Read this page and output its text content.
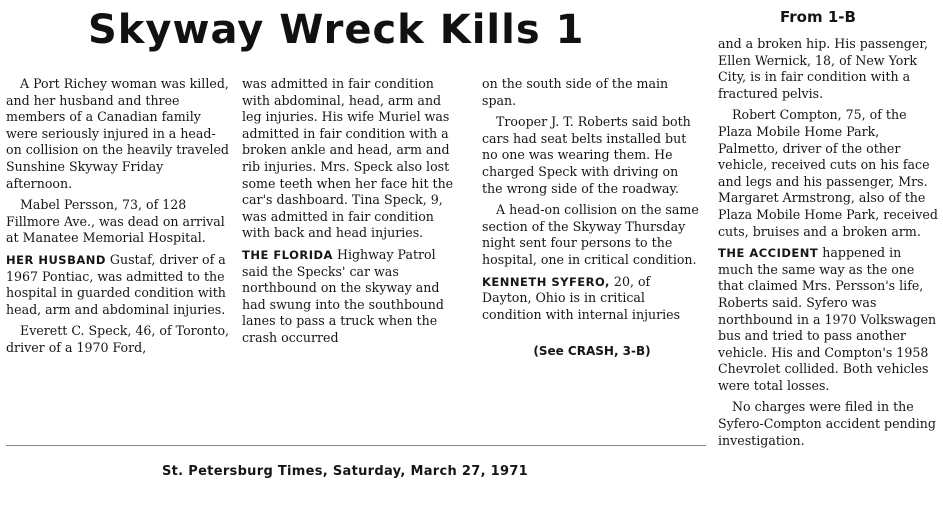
Skyway Wreck Kills 1	From 1-B

A Port Richey woman was killed, and her husband and three members of a Canadian family were seriously injured in a head-on collision on the heavily traveled Sunshine Skyway Friday afternoon.

Mabel Persson, 73, of 128 Fillmore Ave., was dead on arrival at Manatee Memorial Hospital.

HER HUSBAND Gustaf, driver of a 1967 Pontiac, was admitted to the hospital in guarded condition with head, arm and abdominal injuries.

Everett C. Speck, 46, of Toronto, driver of a 1970 Ford,

was admitted in fair condition with abdominal, head, arm and leg injuries. His wife Muriel was admitted in fair condition with a broken ankle and head, arm and rib injuries. Mrs. Speck also lost some teeth when her face hit the car's dashboard. Tina Speck, 9, was admitted in fair condition with back and head injuries.

THE FLORIDA Highway Patrol said the Specks' car was northbound on the skyway and had swung into the southbound lanes to pass a truck when the crash occurred

on the south side of the main span.

Trooper J. T. Roberts said both cars had seat belts installed but no one was wearing them. He charged Speck with driving on the wrong side of the roadway.

A head-on collision on the same section of the Skyway Thursday night sent four persons to the hospital, one in critical condition.

KENNETH SYFERO, 20, of Dayton, Ohio is in critical condition with internal injuries

(See CRASH, 3-B)

and a broken hip. His passenger, Ellen Wernick, 18, of New York City, is in fair condition with a fractured pelvis.

Robert Compton, 75, of the Plaza Mobile Home Park, Palmetto, driver of the other vehicle, received cuts on his face and legs and his passenger, Mrs. Margaret Armstrong, also of the Plaza Mobile Home Park, received cuts, bruises and a broken arm.

THE ACCIDENT happened in much the same way as the one that claimed Mrs. Persson's life, Roberts said. Syfero was northbound in a 1970 Volkswagen bus and tried to pass another vehicle. His and Compton's 1958 Chevrolet collided. Both vehicles were total losses.

No charges were filed in the Syfero-Compton accident pending investigation.

St. Petersburg Times, Saturday, March 27, 1971
